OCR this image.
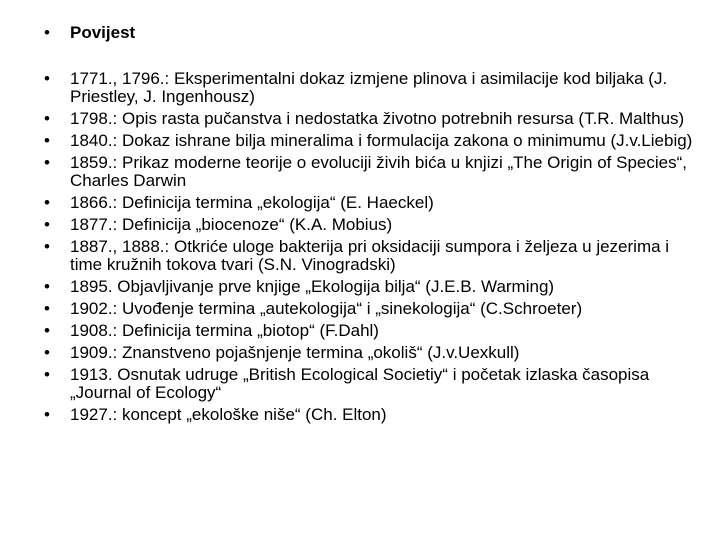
•	Povijest
•	1771., 1796.: Eksperimentalni dokaz izmjene plinova i asimilacije kod biljaka (J. Priestley, J. Ingenhousz)
•	1798.: Opis rasta pučanstva i nedostatka životno potrebnih resursa (T.R. Malthus)
•	1840.: Dokaz ishrane bilja mineralima i formulacija zakona o minimumu (J.v.Liebig)
•	1859.: Prikaz moderne teorije o evoluciji živih bića u knjizi „The Origin of Species“, Charles Darwin
•	1866.: Definicija termina „ekologija“ (E. Haeckel)
•	1877.: Definicija „biocenoze“ (K.A. Mobius)
•	1887., 1888.: Otkriće uloge bakterija pri oksidaciji sumpora i željeza u jezerima i time kružnih tokova tvari (S.N. Vinogradski)
•	1895. Objavljivanje prve knjige „Ekologija bilja“ (J.E.B. Warming)
•	1902.: Uvođenje termina „autekologija“ i „sinekologija“ (C.Schroeter)
•	1908.: Definicija termina „biotop“ (F.Dahl)
•	1909.: Znanstveno pojašnjenje termina „okoliš“ (J.v.Uexkull)
•	1913. Osnutak udruge „British Ecological Societiy“ i početak izlaska časopisa „Journal of Ecology“
•	1927.: koncept „ekološke niše“ (Ch. Elton)
